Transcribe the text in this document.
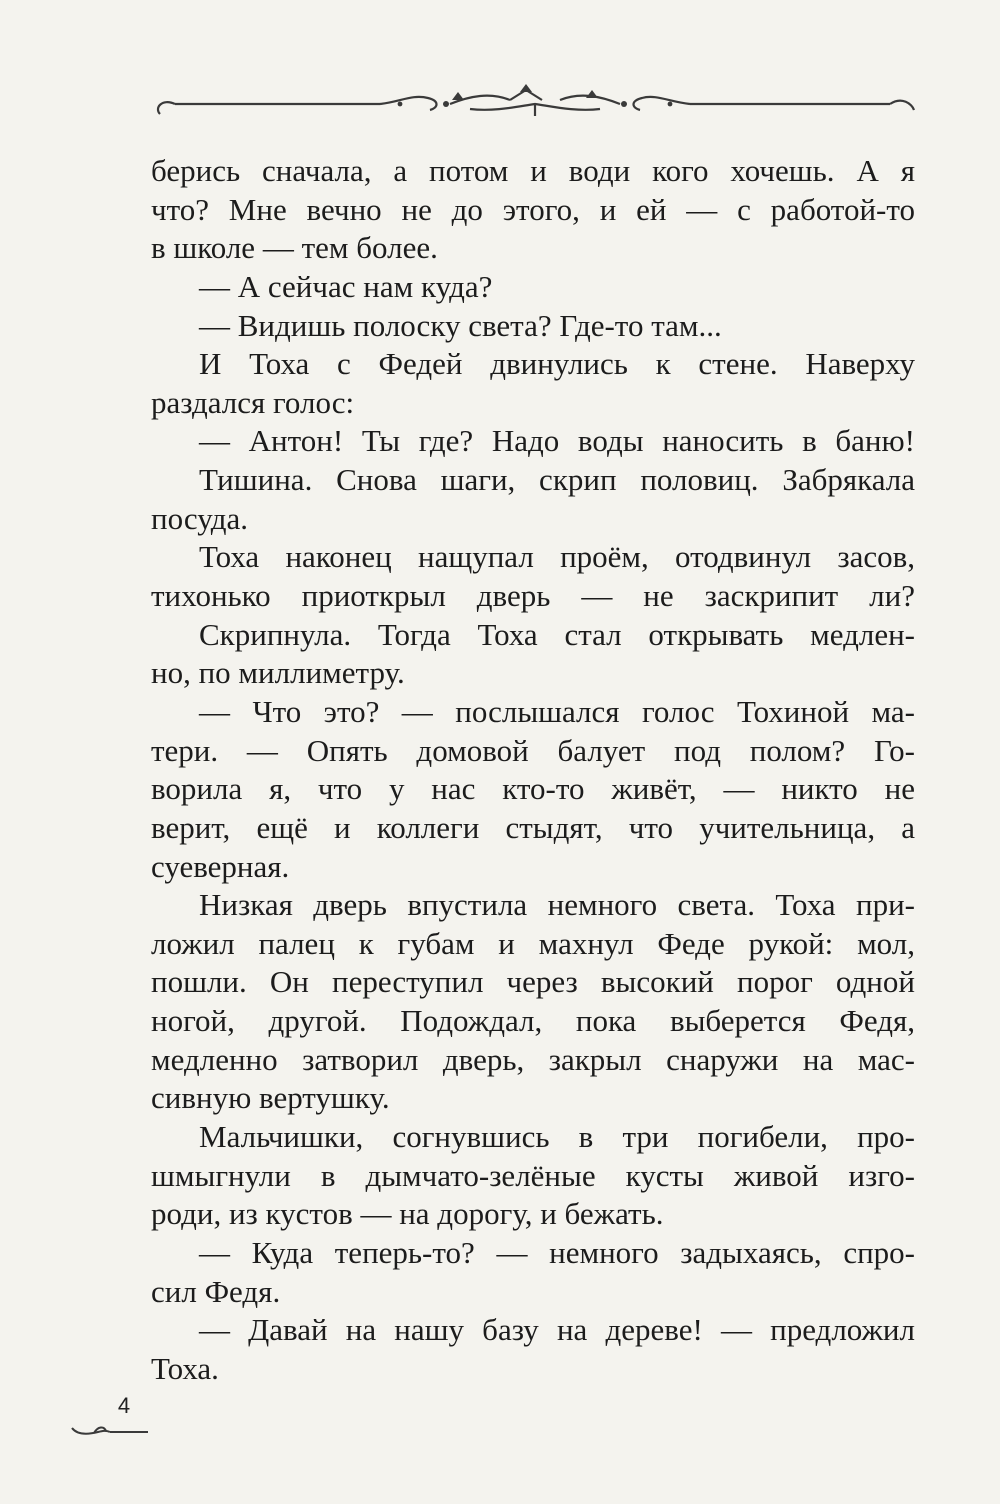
берись сначала, а потом и води кого хочешь. А я
что? Мне вечно не до этого, и ей — с работой-то
в школе — тем более.
— А сейчас нам куда?
— Видишь полоску света? Где-то там...
И Тоха с Федей двинулись к стене. Наверху
раздался голос:
— Антон! Ты где? Надо воды наносить в баню!
Тишина. Снова шаги, скрип половиц. Забрякала
посуда.
Тоха наконец нащупал проём, отодвинул засов,
тихонько приоткрыл дверь — не заскрипит ли?
Скрипнула. Тогда Тоха стал открывать медлен-
но, по миллиметру.
— Что это? — послышался голос Тохиной ма-
тери. — Опять домовой балует под полом? Го-
ворила я, что у нас кто-то живёт, — никто не
верит, ещё и коллеги стыдят, что учительница, а
суеверная.
Низкая дверь впустила немного света. Тоха при-
ложил палец к губам и махнул Феде рукой: мол,
пошли. Он переступил через высокий порог одной
ногой, другой. Подождал, пока выберется Федя,
медленно затворил дверь, закрыл снаружи на мас-
сивную вертушку.
Мальчишки, согнувшись в три погибели, про-
шмыгнули в дымчато-зелёные кусты живой изго-
роди, из кустов — на дорогу, и бежать.
— Куда теперь-то? — немного задыхаясь, спро-
сил Федя.
— Давай на нашу базу на дереве! — предложил
Тоха.
4
